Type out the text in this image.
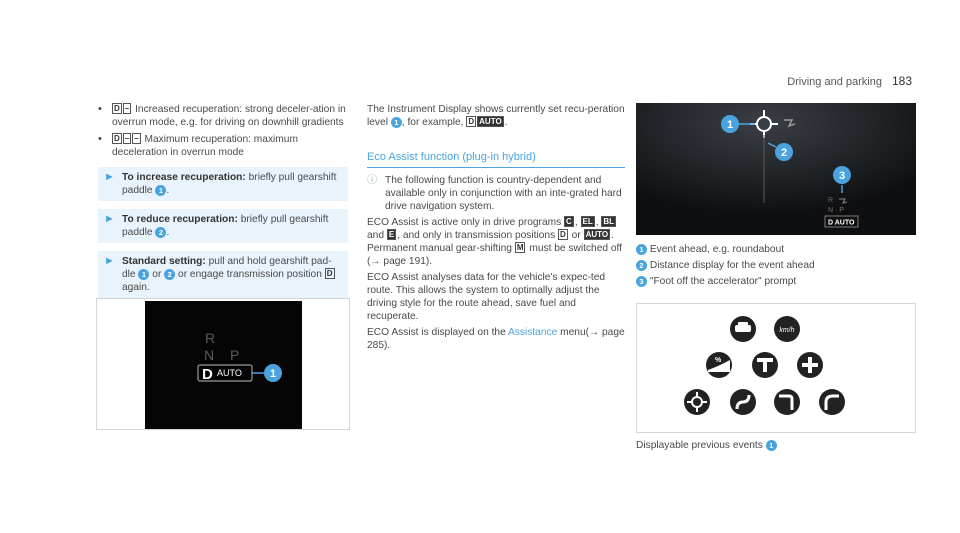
Driving and parking 183
•	D – Increased recuperation: strong deceler-ation in overrun mode, e.g. for driving on downhill gradients
•	D – – Maximum recuperation: maximum deceleration in overrun mode
► To increase recuperation: briefly pull gearshift paddle 1 .
► To reduce recuperation: briefly pull gearshift paddle 2 .
► Standard setting: pull and hold gearshift pad-dle 1 or 2 or engage transmission position D again.
R
N P
D AUTO	1
The Instrument Display shows currently set recu-peration level 1 , for example, D AUTO .
Eco Assist function (plug-in hybrid)
ⓘ The following function is country-dependent and available only in conjunction with an inte-grated hard drive navigation system.
ECO Assist is active only in drive programs C , EL , BL and E , and only in transmission positions D or AUTO . Permanent manual gear-shifting M must be switched off (→ page 191).
ECO Assist analyses data for the vehicle's expec-ted route. This allows the system to optimally adjust the driving style for the route ahead, save fuel and recuperate.
ECO Assist is displayed on the Assistance menu(→ page 285).
1
2
3
R
N · P
D AUTO
1 Event ahead, e.g. roundabout
2 Distance display for the event ahead
3 "Foot off the accelerator" prompt
km/h
%
Displayable previous events 1
